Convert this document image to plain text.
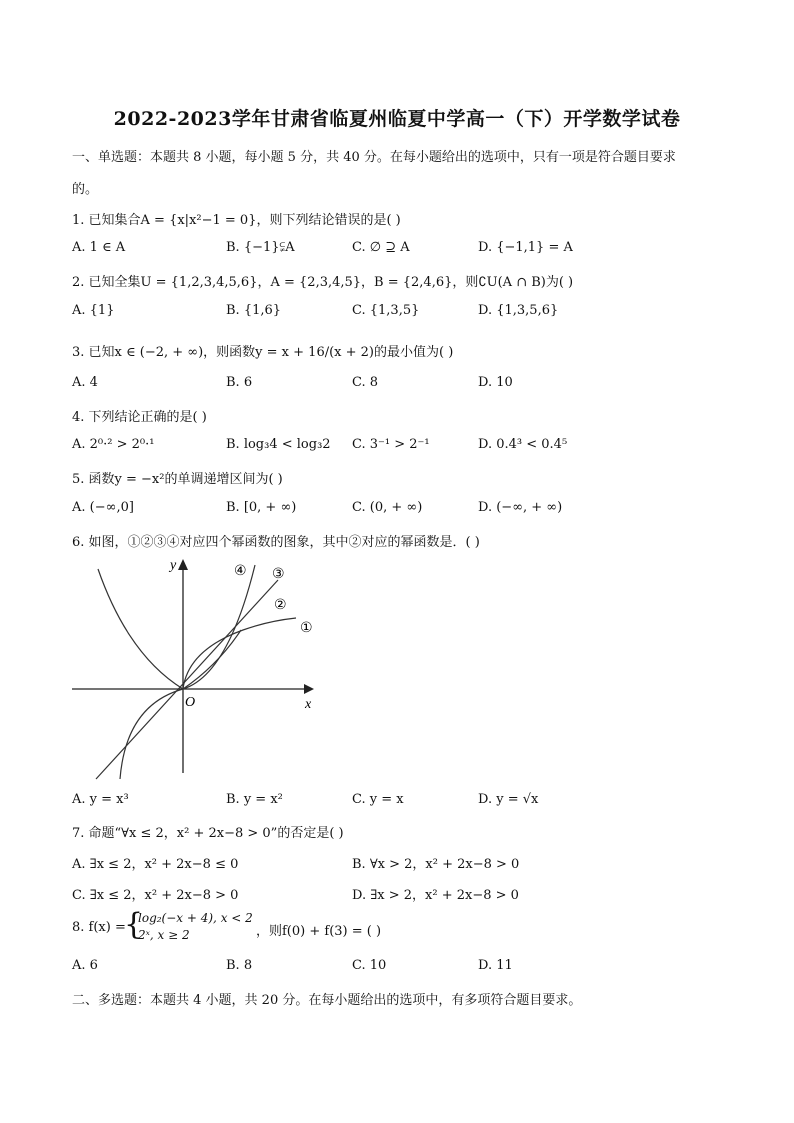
2022-2023学年甘肃省临夏州临夏中学高一（下）开学数学试卷
一、单选题：本题共 8 小题，每小题 5 分，共 40 分。在每小题给出的选项中，只有一项是符合题目要求
的。
1. 已知集合A = {x|x²−1 = 0}，则下列结论错误的是( )
A. 1 ∈ A	B. {−1}⫋A	C. ∅ ⊇ A	D. {−1,1} = A
2. 已知全集U = {1,2,3,4,5,6}，A = {2,3,4,5}，B = {2,4,6}，则∁U(A ∩ B)为( )
A. {1}	B. {1,6}	C. {1,3,5}	D. {1,3,5,6}
3. 已知x ∈ (−2, + ∞)，则函数y = x + 16/(x + 2)的最小值为( )
A. 4	B. 6	C. 8	D. 10
4. 下列结论正确的是( )
A. 2⁰·² > 2⁰·¹	B. log₃4 < log₃2 C. 3⁻¹ > 2⁻¹	D. 0.4³ < 0.4⁵
5. 函数y = −x²的单调递增区间为( )
A. (−∞,0]	B. [0, + ∞)	C. (0, + ∞)	D. (−∞, + ∞)
6. 如图，①②③④对应四个幂函数的图象，其中②对应的幂函数是．( )
y
x
O
①
②
③
④
A. y = x³	B. y = x²	C. y = x	D. y = √x
7. 命题“∀x ≤ 2，x² + 2x−8 > 0”的否定是( )
A. ∃x ≤ 2，x² + 2x−8 ≤ 0	B. ∀x > 2，x² + 2x−8 > 0
C. ∃x ≤ 2，x² + 2x−8 > 0	D. ∃x > 2，x² + 2x−8 > 0
8. f(x) =
{
log₂(−x + 4), x < 2
2ˣ, x ≥ 2	，则f(0) + f(3) = ( )
A. 6	B. 8	C. 10	D. 11
二、多选题：本题共 4 小题，共 20 分。在每小题给出的选项中，有多项符合题目要求。
